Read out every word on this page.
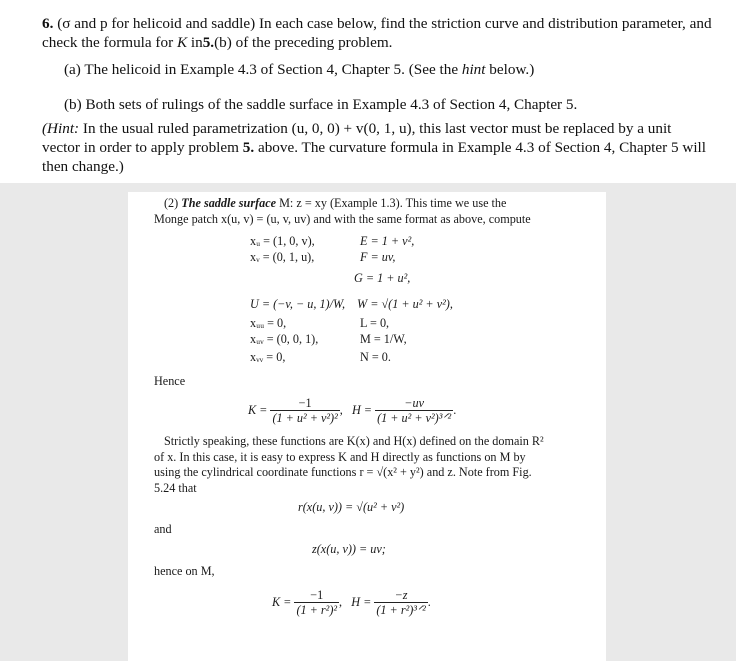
6. (σ and p for helicoid and saddle) In each case below, find the striction curve and distribution parameter, and check the formula for K in5.(b) of the preceding problem.

(a) The helicoid in Example 4.3 of Section 4, Chapter 5. (See the hint below.)

(b) Both sets of rulings of the saddle surface in Example 4.3 of Section 4, Chapter 5.

(Hint: In the usual ruled parametrization (u, 0, 0) + v(0, 1, u), this last vector must be replaced by a unit vector in order to apply problem 5. above. The curvature formula in Example 4.3 of Section 4, Chapter 5 will then change.)

(2) The saddle surface M: z = xy (Example 1.3). This time we use the

Monge patch x(u, v) = (u, v, uv) and with the same format as above, compute

xᵤ = (1, 0, v),
xᵥ = (0, 1, u),
E = 1 + v²,
F = uv,
G = 1 + u²,
U = (−v, − u, 1)/W, W = √(1 + u² + v²),
xᵤᵤ = 0,
xᵤᵥ = (0, 0, 1),
xᵥᵥ = 0,
L = 0,
M = 1/W,
N = 0.
Hence
$K = \frac{-1}{\text{(1 + u² + v²)²}}$ ,   $H = \frac{-uv}{\text{(1 + u² + v²)³ᐟ²}}$ .

Strictly speaking, these functions are K(x) and H(x) defined on the domain R² of x. In this case, it is easy to express K and H directly as functions on M by using the cylindrical coordinate functions r = √(x² + y²) and z. Note from Fig. 5.24 that

r(x(u, v)) = √(u² + v²)
and
z(x(u, v)) = uv;
hence on M,
$K = \frac{-1}{\text{(1 + r²)²}}$ ,   $H = \frac{-z}{\text{(1 + r²)³ᐟ²}}$ .
